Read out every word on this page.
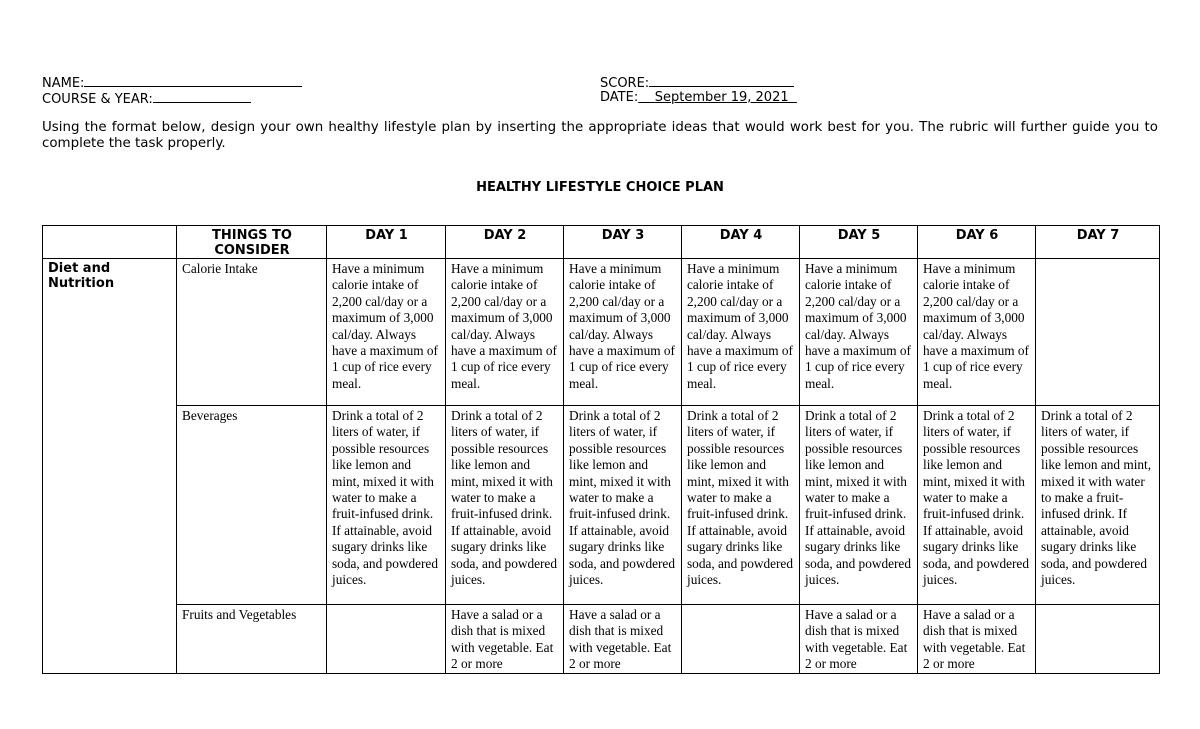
NAME:
COURSE & YEAR:
SCORE:
DATE: September 19, 2021
Using the format below, design your own healthy lifestyle plan by inserting the appropriate ideas that would work best for you. The rubric will further guide you to complete the task properly.
HEALTHY LIFESTYLE CHOICE PLAN
	THINGS TO CONSIDER	DAY 1	DAY 2	DAY 3	DAY 4	DAY 5	DAY 6	DAY 7
Diet and Nutrition	Calorie Intake	Have a minimum calorie intake of 2,200 cal/day or a maximum of 3,000 cal/day. Always have a maximum of 1 cup of rice every meal.	Have a minimum calorie intake of 2,200 cal/day or a maximum of 3,000 cal/day. Always have a maximum of 1 cup of rice every meal.	Have a minimum calorie intake of 2,200 cal/day or a maximum of 3,000 cal/day. Always have a maximum of 1 cup of rice every meal.	Have a minimum calorie intake of 2,200 cal/day or a maximum of 3,000 cal/day. Always have a maximum of 1 cup of rice every meal.	Have a minimum calorie intake of 2,200 cal/day or a maximum of 3,000 cal/day. Always have a maximum of 1 cup of rice every meal.	Have a minimum calorie intake of 2,200 cal/day or a maximum of 3,000 cal/day. Always have a maximum of 1 cup of rice every meal.	
	Beverages	Drink a total of 2 liters of water, if possible resources like lemon and mint, mixed it with water to make a fruit-infused drink. If attainable, avoid sugary drinks like soda, and powdered juices.	Drink a total of 2 liters of water, if possible resources like lemon and mint, mixed it with water to make a fruit-infused drink. If attainable, avoid sugary drinks like soda, and powdered juices.	Drink a total of 2 liters of water, if possible resources like lemon and mint, mixed it with water to make a fruit-infused drink. If attainable, avoid sugary drinks like soda, and powdered juices.	Drink a total of 2 liters of water, if possible resources like lemon and mint, mixed it with water to make a fruit-infused drink. If attainable, avoid sugary drinks like soda, and powdered juices.	Drink a total of 2 liters of water, if possible resources like lemon and mint, mixed it with water to make a fruit-infused drink. If attainable, avoid sugary drinks like soda, and powdered juices.	Drink a total of 2 liters of water, if possible resources like lemon and mint, mixed it with water to make a fruit-infused drink. If attainable, avoid sugary drinks like soda, and powdered juices.	Drink a total of 2 liters of water, if possible resources like lemon and mint, mixed it with water to make a fruit-infused drink. If attainable, avoid sugary drinks like soda, and powdered juices.
	Fruits and Vegetables		Have a salad or a dish that is mixed with vegetable. Eat 2 or more	Have a salad or a dish that is mixed with vegetable. Eat 2 or more		Have a salad or a dish that is mixed with vegetable. Eat 2 or more	Have a salad or a dish that is mixed with vegetable. Eat 2 or more	
